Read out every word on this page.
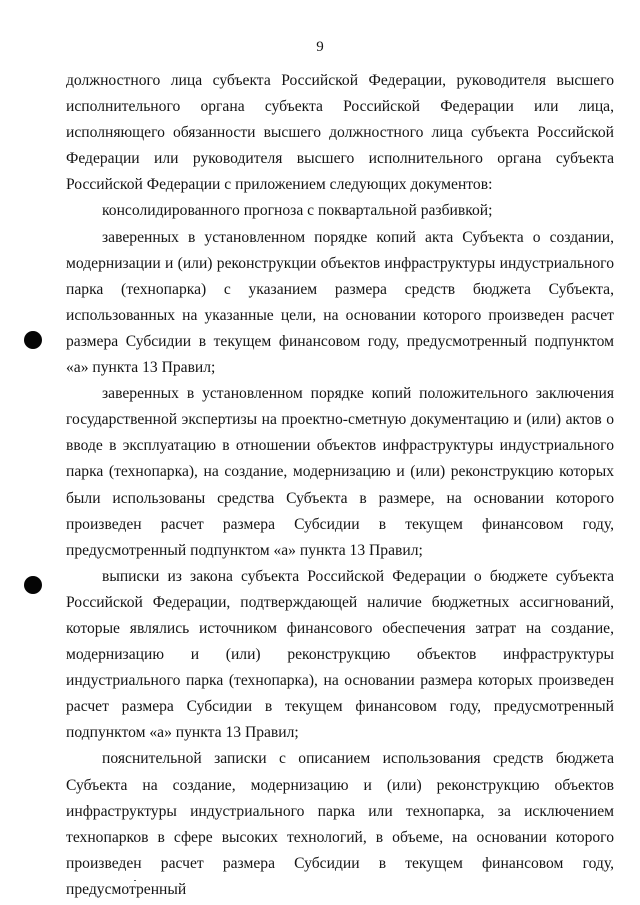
9

должностного лица субъекта Российской Федерации, руководителя высшего исполнительного органа субъекта Российской Федерации или лица, исполняющего обязанности высшего должностного лица субъекта Российской Федерации или руководителя высшего исполнительного органа субъекта Российской Федерации с приложением следующих документов:

консолидированного прогноза с поквартальной разбивкой;

заверенных в установленном порядке копий акта Субъекта о создании, модернизации и (или) реконструкции объектов инфраструктуры индустриального парка (технопарка) с указанием размера средств бюджета Субъекта, использованных на указанные цели, на основании которого произведен расчет размера Субсидии в текущем финансовом году, предусмотренный подпунктом «а» пункта 13 Правил;

заверенных в установленном порядке копий положительного заключения государственной экспертизы на проектно-сметную документацию и (или) актов о вводе в эксплуатацию в отношении объектов инфраструктуры индустриального парка (технопарка), на создание, модернизацию и (или) реконструкцию которых были использованы средства Субъекта в размере, на основании которого произведен расчет размера Субсидии в текущем финансовом году, предусмотренный подпунктом «а» пункта 13 Правил;

выписки из закона субъекта Российской Федерации о бюджете субъекта Российской Федерации, подтверждающей наличие бюджетных ассигнований, которые являлись источником финансового обеспечения затрат на создание, модернизацию и (или) реконструкцию объектов инфраструктуры индустриального парка (технопарка), на основании размера которых произведен расчет размера Субсидии в текущем финансовом году, предусмотренный подпунктом «а» пункта 13 Правил;

пояснительной записки с описанием использования средств бюджета Субъекта на создание, модернизацию и (или) реконструкцию объектов инфраструктуры индустриального парка или технопарка, за исключением технопарков в сфере высоких технологий, в объеме, на основании которого произведен расчет размера Субсидии в текущем финансовом году, предусмотренный
